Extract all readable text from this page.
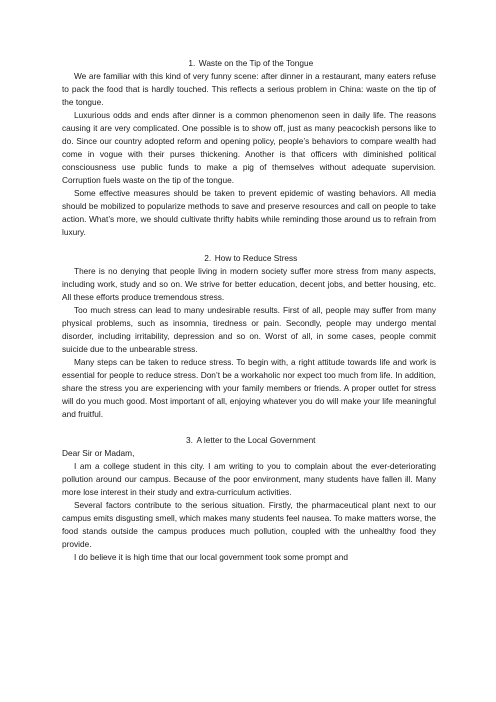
1. Waste on the Tip of the Tongue

We are familiar with this kind of very funny scene: after dinner in a restaurant, many eaters refuse to pack the food that is hardly touched. This reflects a serious problem in China: waste on the tip of the tongue.

Luxurious odds and ends after dinner is a common phenomenon seen in daily life. The reasons causing it are very complicated. One possible is to show off, just as many peacockish persons like to do. Since our country adopted reform and opening policy, people’s behaviors to compare wealth had come in vogue with their purses thickening. Another is that officers with diminished political consciousness use public funds to make a pig of themselves without adequate supervision. Corruption fuels waste on the tip of the tongue.

Some effective measures should be taken to prevent epidemic of wasting behaviors. All media should be mobilized to popularize methods to save and preserve resources and call on people to take action. What’s more, we should cultivate thrifty habits while reminding those around us to refrain from luxury.

2. How to Reduce Stress

There is no denying that people living in modern society suffer more stress from many aspects, including work, study and so on. We strive for better education, decent jobs, and better housing, etc. All these efforts produce tremendous stress.

Too much stress can lead to many undesirable results. First of all, people may suffer from many physical problems, such as insomnia, tiredness or pain. Secondly, people may undergo mental disorder, including irritability, depression and so on. Worst of all, in some cases, people commit suicide due to the unbearable stress.

Many steps can be taken to reduce stress. To begin with, a right attitude towards life and work is essential for people to reduce stress. Don’t be a workaholic nor expect too much from life. In addition, share the stress you are experiencing with your family members or friends. A proper outlet for stress will do you much good. Most important of all, enjoying whatever you do will make your life meaningful and fruitful.

3. A letter to the Local Government

Dear Sir or Madam,

I am a college student in this city. I am writing to you to complain about the ever-deteriorating pollution around our campus. Because of the poor environment, many students have fallen ill. Many more lose interest in their study and extra-curriculum activities.

Several factors contribute to the serious situation. Firstly, the pharmaceutical plant next to our campus emits disgusting smell, which makes many students feel nausea. To make matters worse, the food stands outside the campus produces much pollution, coupled with the unhealthy food they provide.

I do believe it is high time that our local government took some prompt and
